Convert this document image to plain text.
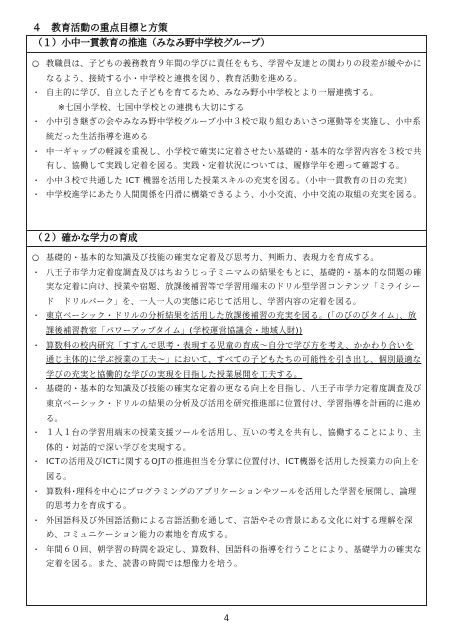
４　教育活動の重点目標と方策
（１）小中一貫教育の推進（みなみ野中学校グループ）
○ 教職員は、子どもの義務教育９年間の学びに責任をもち、学習や友達との関わりの段差が緩やかになるよう、接続する小・中学校と連携を図り、教育活動を進める。
・ 自主的に学び、自立した子どもを育てるため、みなみ野小中学校とより一層連携する。
※七国小学校、七国中学校との連携も大切にする
・ 小中引き継ぎの会やみなみ野中学校グループ小中３校で取り組むあいさつ運動等を実施し、小中系統だった生活指導を進める
・ 中一ギャップの軽減を重視し、小学校で確実に定着させたい基礎的・基本的な学習内容を３校で共有し、協働して実践し定着を図る。実践・定着状況については、履修学年を遡って確認する。
・ 小中３校で共通した ICT 機器を活用した授業スキルの充実を図る。（小中一貫教育の日の充実）
・ 中学校進学にあたり人間関係を円滑に構築できるよう、小小交流、小中交流の取組の充実を図る。
（２）確かな学力の育成
○ 基礎的・基本的な知識及び技能の確実な定着及び思考力、判断力、表現力を育成する。
・ 八王子市学力定着度調査及びはちおうじっ子ミニマムの結果をもとに、基礎的・基本的な問題の確実な定着に向け、授業や宿題、放課後補習等で学習用端末のドリル型学習コンテンツ「ミライシード　ドリルパーク」を、一人一人の実態に応じて活用し、学習内容の定着を図る。
・ 東京ベーシック・ドリルの分析結果を活用した放課後補習の充実を図る。(「のびのびタイム」、放課後補習教室「パワーアップタイム」(学校運営協議会・地域人財))
・ 算数科の校内研究「すすんで思考・表現する児童の育成～自分で学び方を考え、かかわり合いを通じ主体的に学ぶ授業の工夫～」において、すべての子どもたちの可能性を引き出し、個別最適な学びの充実と協働的な学びの実現を目指した授業展開を工夫する。
・ 基礎的・基本的な知識及び技能の確実な定着の更なる向上を目指し、八王子市学力定着度調査及び東京ベーシック・ドリルの結果の分析及び活用を研究推進部に位置付け、学習指導を計画的に進める。
・ １人１台の学習用端末の授業支援ツールを活用し、互いの考えを共有し、協働することにより、主体的・対話的で深い学びを実現する。
・ ICTの活用及びICTに関するOJTの推進担当を分掌に位置付け、ICT機器を活用した授業力の向上を図る。
・ 算数科･理科を中心にプログラミングのアプリケーションやツールを活用した学習を展開し、論理的思考力を育成する。
・ 外国語科及び外国語活動による言語活動を通して、言語やその背景にある文化に対する理解を深め、コミュニケーション能力の素地を育成する。
・ 年間６０回、朝学習の時間を設定し、算数科、国語科の指導を行うことにより、基礎学力の確実な定着を図る。また、読書の時間では想像力を培う。
4
